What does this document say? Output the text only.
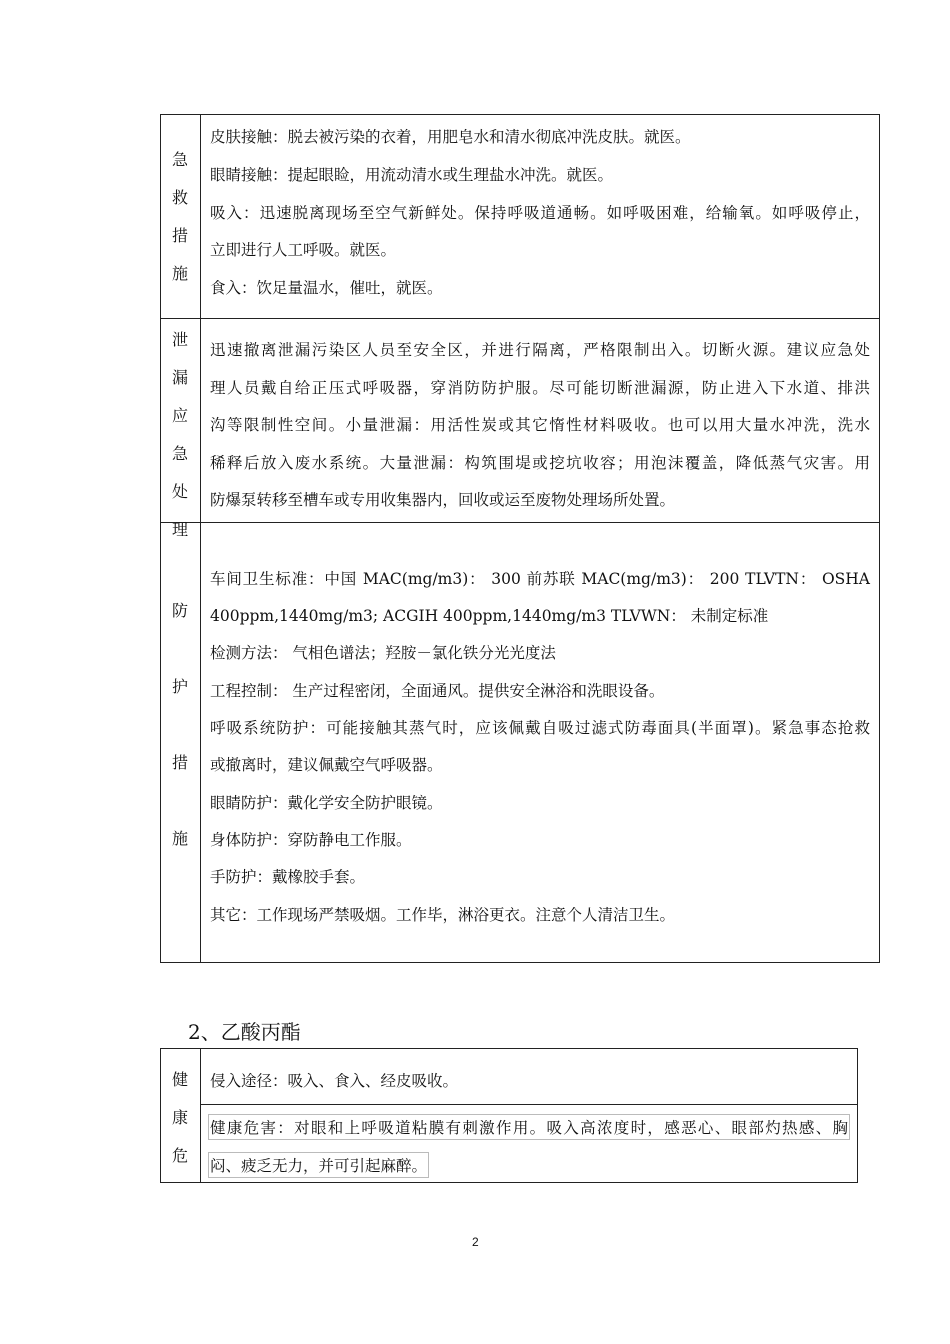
急
救
措
施
皮肤接触：脱去被污染的衣着，用肥皂水和清水彻底冲洗皮肤。就医。
眼睛接触：提起眼睑，用流动清水或生理盐水冲洗。就医。
吸入：迅速脱离现场至空气新鲜处。保持呼吸道通畅。如呼吸困难，给输氧。如呼吸停止，
立即进行人工呼吸。就医。
食入：饮足量温水，催吐，就医。
泄
漏
应
急
处
理
迅速撤离泄漏污染区人员至安全区，并进行隔离，严格限制出入。切断火源。建议应急处
理人员戴自给正压式呼吸器，穿消防防护服。尽可能切断泄漏源，防止进入下水道、排洪
沟等限制性空间。小量泄漏：用活性炭或其它惰性材料吸收。也可以用大量水冲洗，洗水
稀释后放入废水系统。大量泄漏：构筑围堤或挖坑收容；用泡沫覆盖，降低蒸气灾害。用
防爆泵转移至槽车或专用收集器内，回收或运至废物处理场所处置。
防
护
措
施
车间卫生标准：中国 MAC(mg/m3)： 300 前苏联 MAC(mg/m3)： 200 TLVTN： OSHA
400ppm,1440mg/m3; ACGIH 400ppm,1440mg/m3 TLVWN： 未制定标准
检测方法： 气相色谱法；羟胺－氯化铁分光光度法
工程控制： 生产过程密闭，全面通风。提供安全淋浴和洗眼设备。
呼吸系统防护：可能接触其蒸气时，应该佩戴自吸过滤式防毒面具(半面罩)。紧急事态抢救
或撤离时，建议佩戴空气呼吸器。
眼睛防护：戴化学安全防护眼镜。
身体防护：穿防静电工作服。
手防护：戴橡胶手套。
其它：工作现场严禁吸烟。工作毕，淋浴更衣。注意个人清洁卫生。
2、乙酸丙酯
健
康
危
侵入途径：吸入、食入、经皮吸收。
健康危害：对眼和上呼吸道粘膜有刺激作用。吸入高浓度时，感恶心、眼部灼热感、胸
闷、疲乏无力，并可引起麻醉。
2
